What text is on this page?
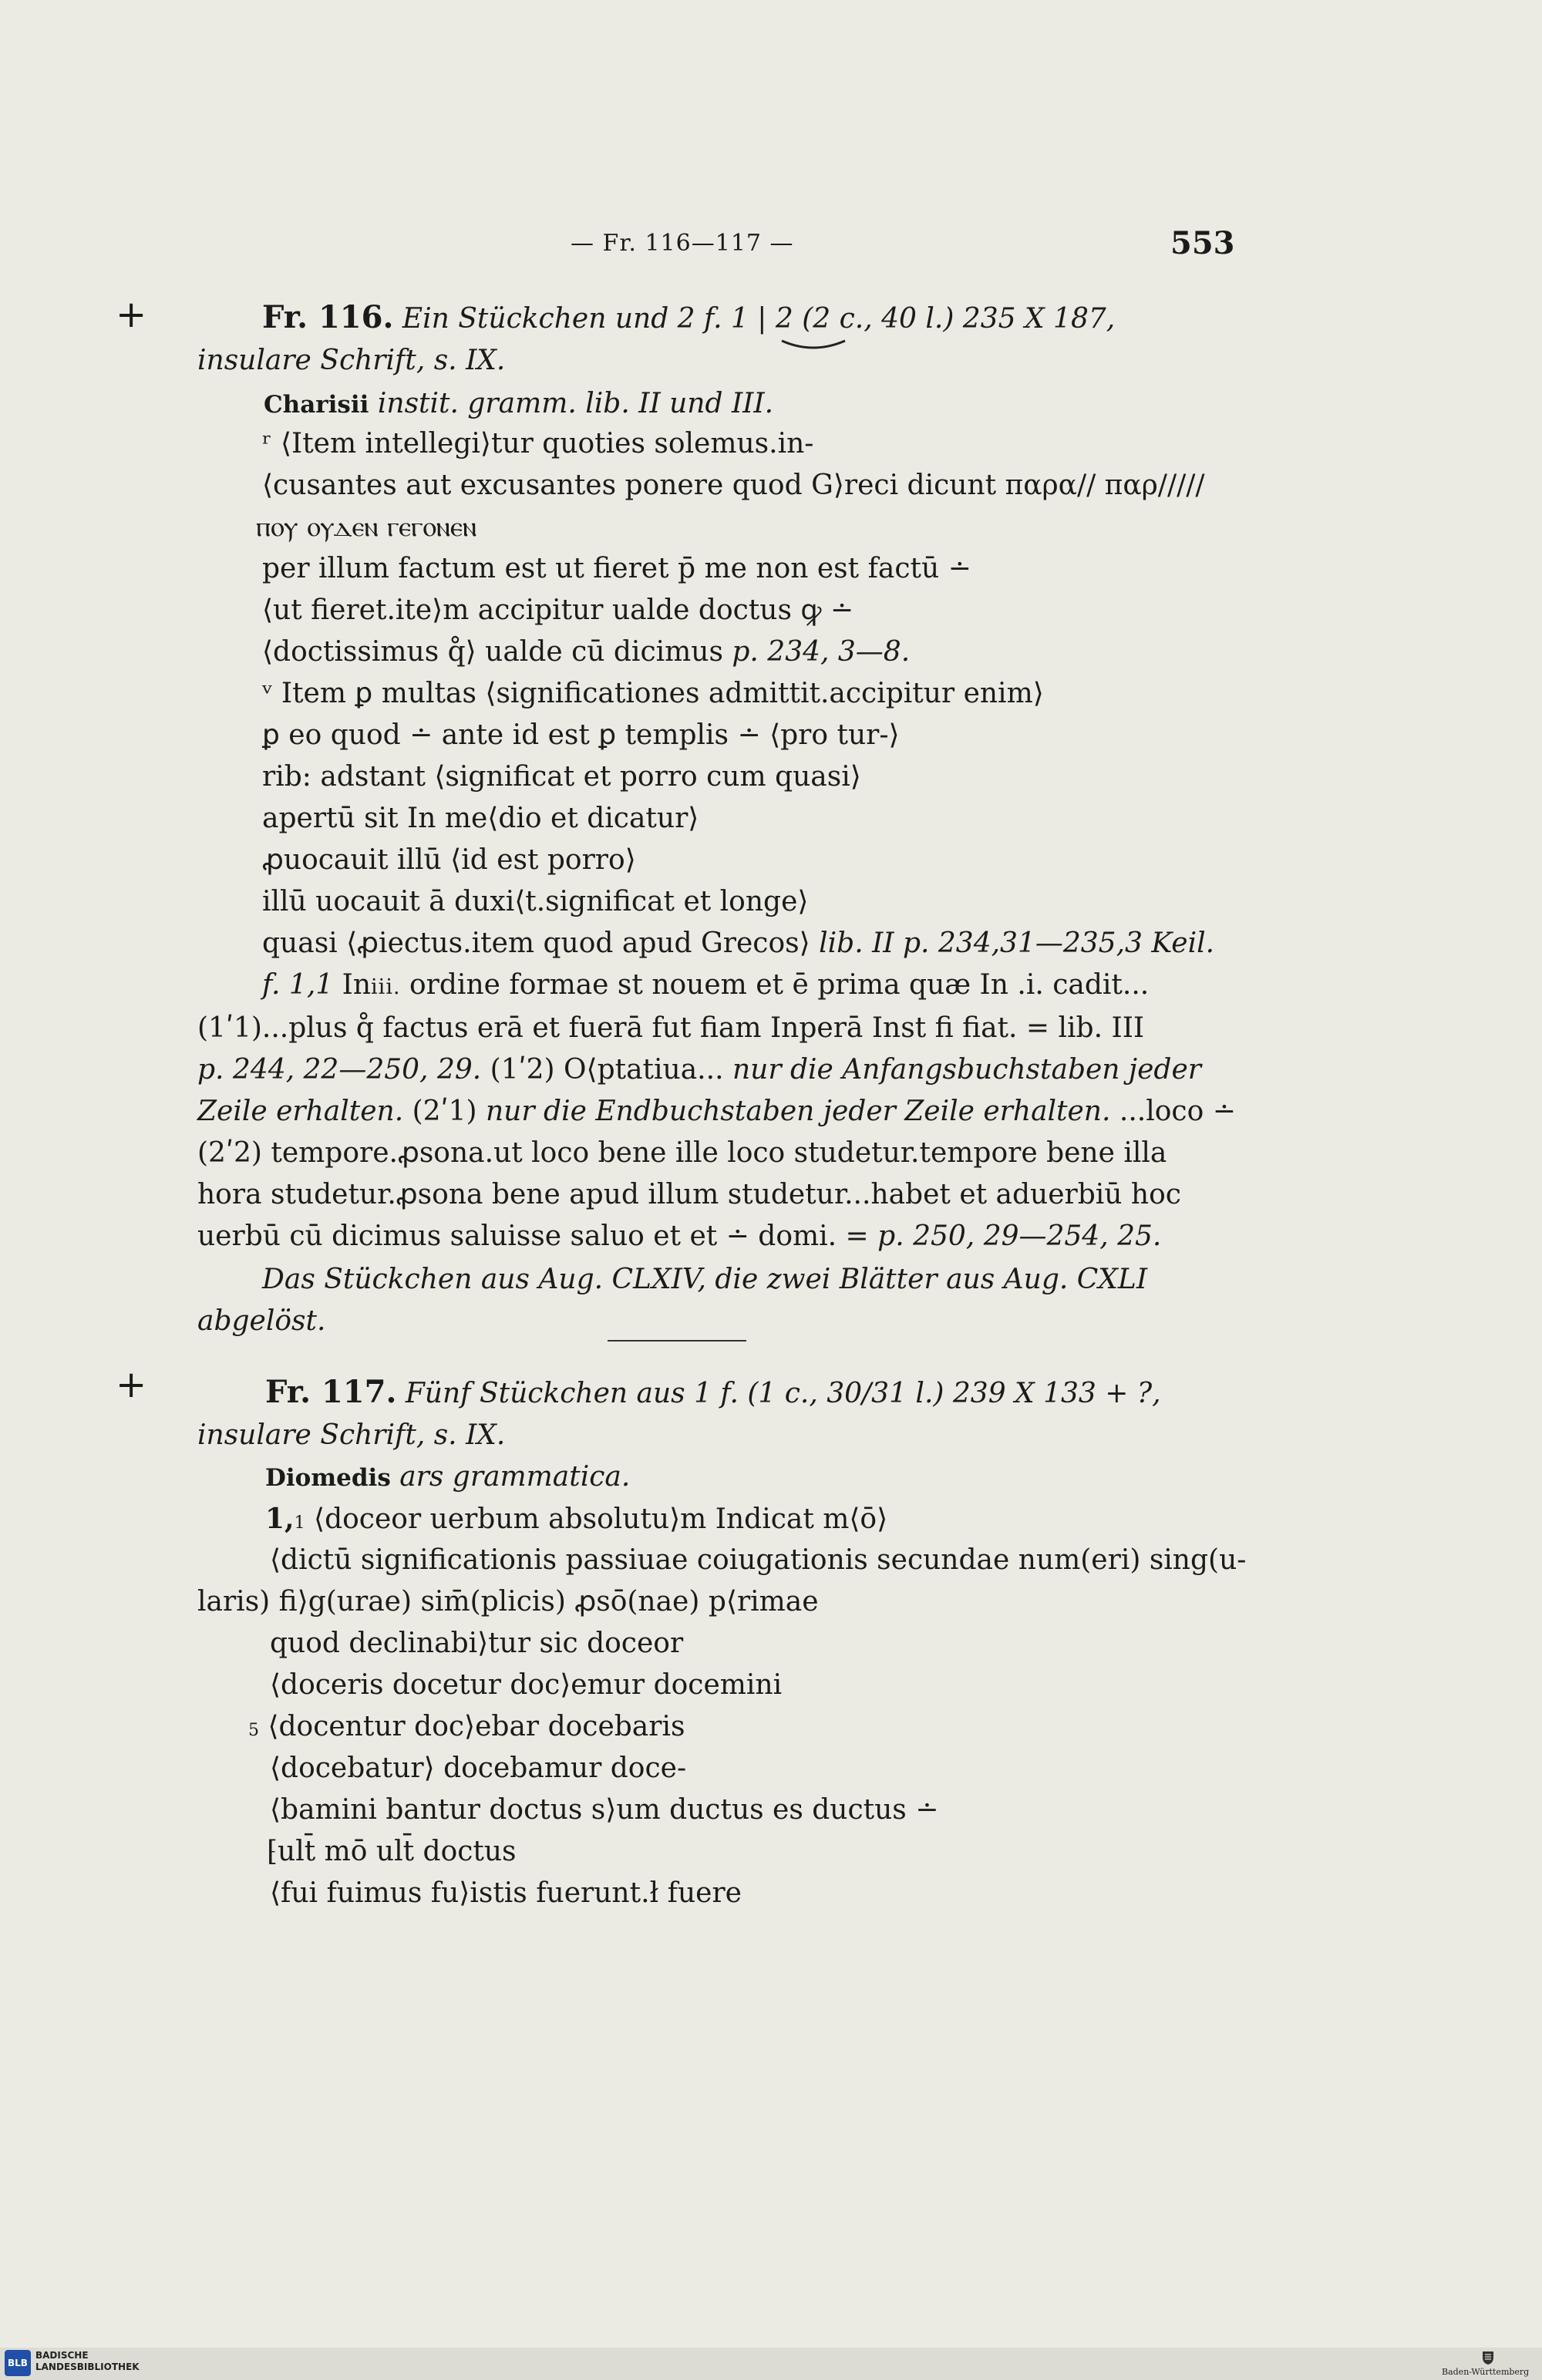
— Fr. 116—117 —	553
+
+
Fr. 116. Ein Stückchen und 2 f. 1 | 2 (2 c., 40 l.) 235 X 187,
insulare Schrift, s. IX.
Charisii instit. gramm. lib. II und III.
ʳ ⟨Item intellegi⟩tur quoties solemus.in-
⟨cusantes aut excusantes ponere quod G⟩reci dicunt παρα// παρ/////
ⲡⲟⲩ ⲟⲩⲇⲉⲛ ⲅⲉⲅⲟⲛⲉⲛ
per illum factum est ut fieret p̄ me non est factū ∸
⟨ut fieret.ite⟩m accipitur ualde doctus ꝙ ∸
⟨doctissimus q̊⟩ ualde cū dicimus p. 234, 3—8.
ᵛ Item ꝑ multas ⟨significationes admittit.accipitur enim⟩
ꝑ eo quod ∸ ante id est ꝑ templis ∸ ⟨pro tur-⟩
rib: adstant ⟨significat et porro cum quasi⟩
apertū sit In me⟨dio et dicatur⟩
ꝓuocauit illū ⟨id est porro⟩
illū uocauit ā duxi⟨t.significat et longe⟩
quasi ⟨ꝓiectus.item quod apud Grecos⟩ lib. II p. 234,31—235,3 Keil.
f. 1,1 Iniii. ordine formae st nouem et ē prima quæ In .i. cadit...
(1ʹ1)...plus q̊ factus erā et fuerā fut fiam Inperā Inst fi fiat. = lib. III
p. 244, 22—250, 29. (1ʹ2) O⟨ptatiua... nur die Anfangsbuchstaben jeder
Zeile erhalten. (2ʹ1) nur die Endbuchstaben jeder Zeile erhalten. ...loco ∸
(2ʹ2) tempore.ꝓsona.ut loco bene ille loco studetur.tempore bene illa
hora studetur.ꝓsona bene apud illum studetur...habet et aduerbiū hoc
uerbū cū dicimus saluisse saluo et et ∸ domi. = p. 250, 29—254, 25.
Das Stückchen aus Aug. CLXIV, die zwei Blätter aus Aug. CXLI
abgelöst.
Fr. 117. Fünf Stückchen aus 1 f. (1 c., 30/31 l.) 239 X 133 + ?,
insulare Schrift, s. IX.
Diomedis ars grammatica.
1,1 ⟨doceor uerbum absolutu⟩m Indicat m⟨ō⟩
⟨dictū significationis passiuae coiugationis secundae num(eri) sing(u-
laris) fi⟩g(urae) sim̄(plicis) ꝓsō(nae) p⟨rimae
quod declinabi⟩tur sic doceor
⟨doceris docetur doc⟩emur docemini
5 ⟨docentur doc⟩ebar docebaris
⟨docebatur⟩ docebamur doce-
⟨bamini bantur doctus s⟩um ductus es ductus ∸
⁅ult̄ mō ult̄ doctus
⟨fui fuimus fu⟩istis fuerunt.ł fuere
BLB
BADISCHE
LANDESBIBLIOTHEK	Baden-Württemberg
